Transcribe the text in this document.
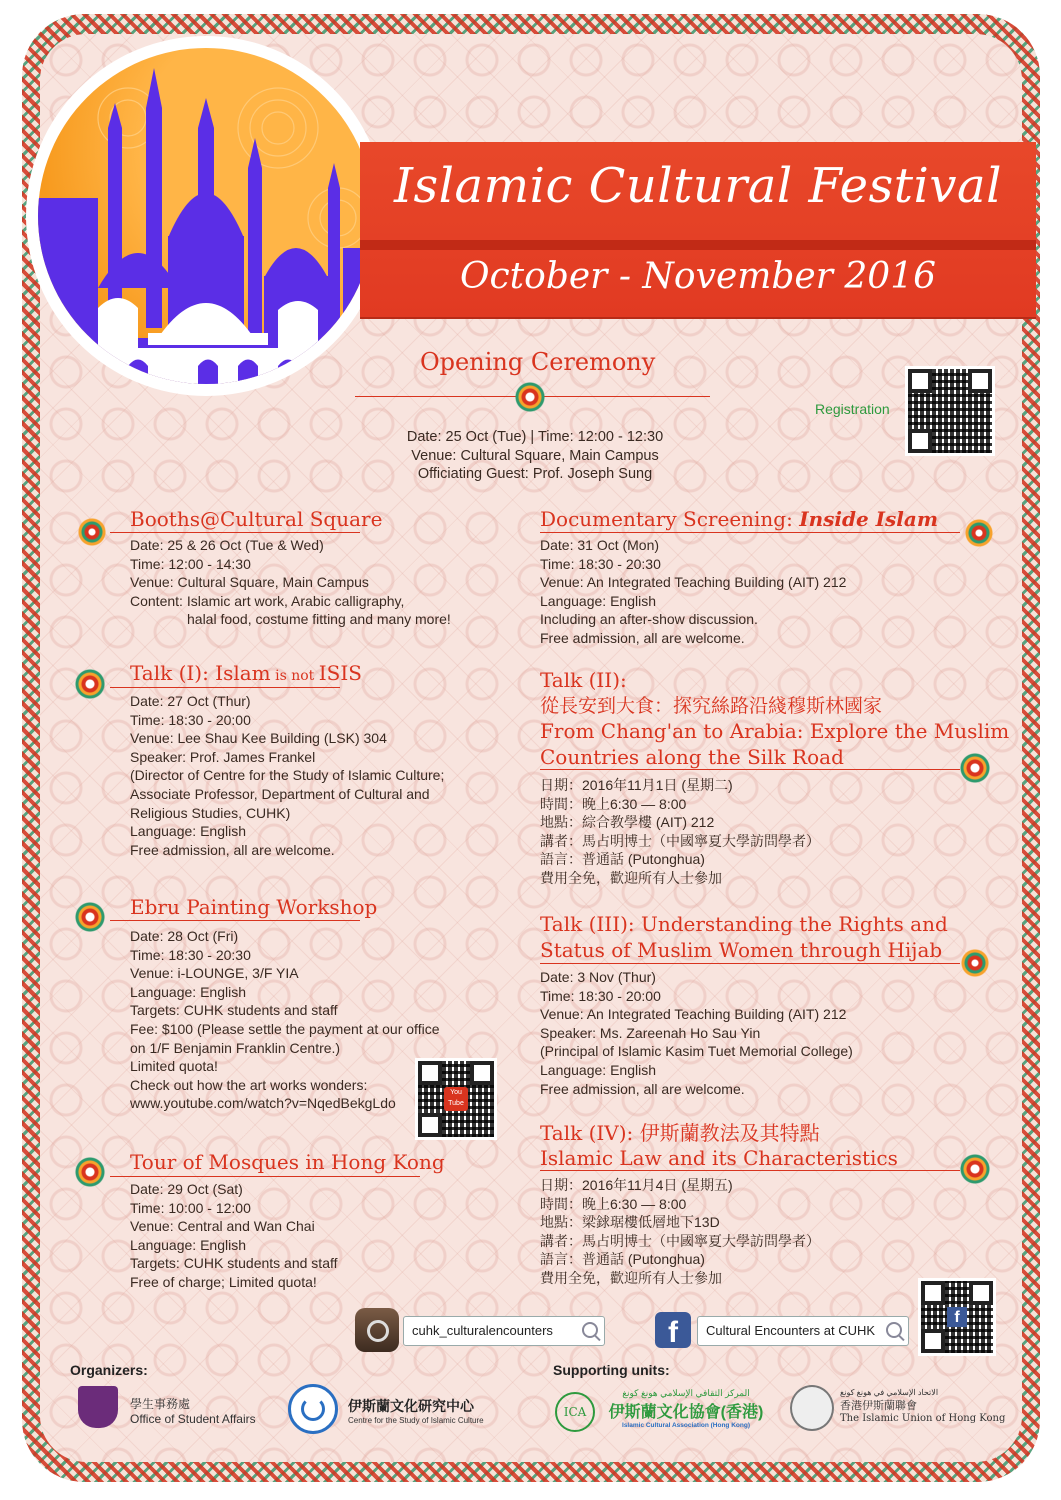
Islamic Cultural Festival
October - November 2016
Opening Ceremony
Date: 25 Oct (Tue) | Time: 12:00 - 12:30
Venue: Cultural Square, Main Campus
Officiating Guest: Prof. Joseph Sung
Registration
Booths@Cultural Square
Date: 25 & 26 Oct (Tue & Wed)
Time: 12:00 - 14:30
Venue: Cultural Square, Main Campus
Content: Islamic art work, Arabic calligraphy,
halal food, costume fitting and many more!
Talk (I): Islam is not ISIS
Date: 27 Oct (Thur)
Time: 18:30 - 20:00
Venue: Lee Shau Kee Building (LSK) 304
Speaker: Prof. James Frankel
(Director of Centre for the Study of Islamic Culture;
Associate Professor, Department of Cultural and
Religious Studies, CUHK)
Language: English
Free admission, all are welcome.
Ebru Painting Workshop
Date: 28 Oct (Fri)
Time: 18:30 - 20:30
Venue: i-LOUNGE, 3/F YIA
Language: English
Targets: CUHK students and staff
Fee: $100 (Please settle the payment at our office
on 1/F Benjamin Franklin Centre.)
Limited quota!
Check out how the art works wonders:
www.youtube.com/watch?v=NqedBekgLdo
You Tube
Tour of Mosques in Hong Kong
Date: 29 Oct (Sat)
Time: 10:00 - 12:00
Venue: Central and Wan Chai
Language: English
Targets: CUHK students and staff
Free of charge; Limited quota!
Documentary Screening: Inside Islam
Date: 31 Oct (Mon)
Time: 18:30 - 20:30
Venue: An Integrated Teaching Building (AIT) 212
Language: English
Including an after-show discussion.
Free admission, all are welcome.
Talk (II):
從長安到大食：探究絲路沿綫穆斯林國家
From Chang'an to Arabia: Explore the Muslim
Countries along the Silk Road
日期：2016年11月1日 (星期二)
時間：晚上6:30 — 8:00
地點：綜合教學樓 (AIT) 212
講者：馬占明博士（中國寧夏大學訪問學者）
語言：普通話 (Putonghua)
費用全免，歡迎所有人士參加
Talk (III): Understanding the Rights and
Status of Muslim Women through Hijab
Date: 3 Nov (Thur)
Time: 18:30 - 20:00
Venue: An Integrated Teaching Building (AIT) 212
Speaker: Ms. Zareenah Ho Sau Yin
(Principal of Islamic Kasim Tuet Memorial College)
Language: English
Free admission, all are welcome.
Talk (IV): 伊斯蘭教法及其特點
Islamic Law and its Characteristics
日期：2016年11月4日 (星期五)
時間：晚上6:30 — 8:00
地點：梁銶琚樓低層地下13D
講者：馬占明博士（中國寧夏大學訪問學者）
語言：普通話 (Putonghua)
費用全免，歡迎所有人士參加
cuhk_culturalencounters	f	Cultural Encounters at CUHK
f
Organizers:
學生事務處
Office of Student Affairs
伊斯蘭文化研究中心
Centre for the Study of Islamic Culture
Supporting units:
ICA
المركز الثقافي الإسلامي هونغ كونغ
伊斯蘭文化協會(香港)
Islamic Cultural Association (Hong Kong)
الاتحاد الإسلامي في هونغ كونغ
香港伊斯蘭聯會
The Islamic Union of Hong Kong
